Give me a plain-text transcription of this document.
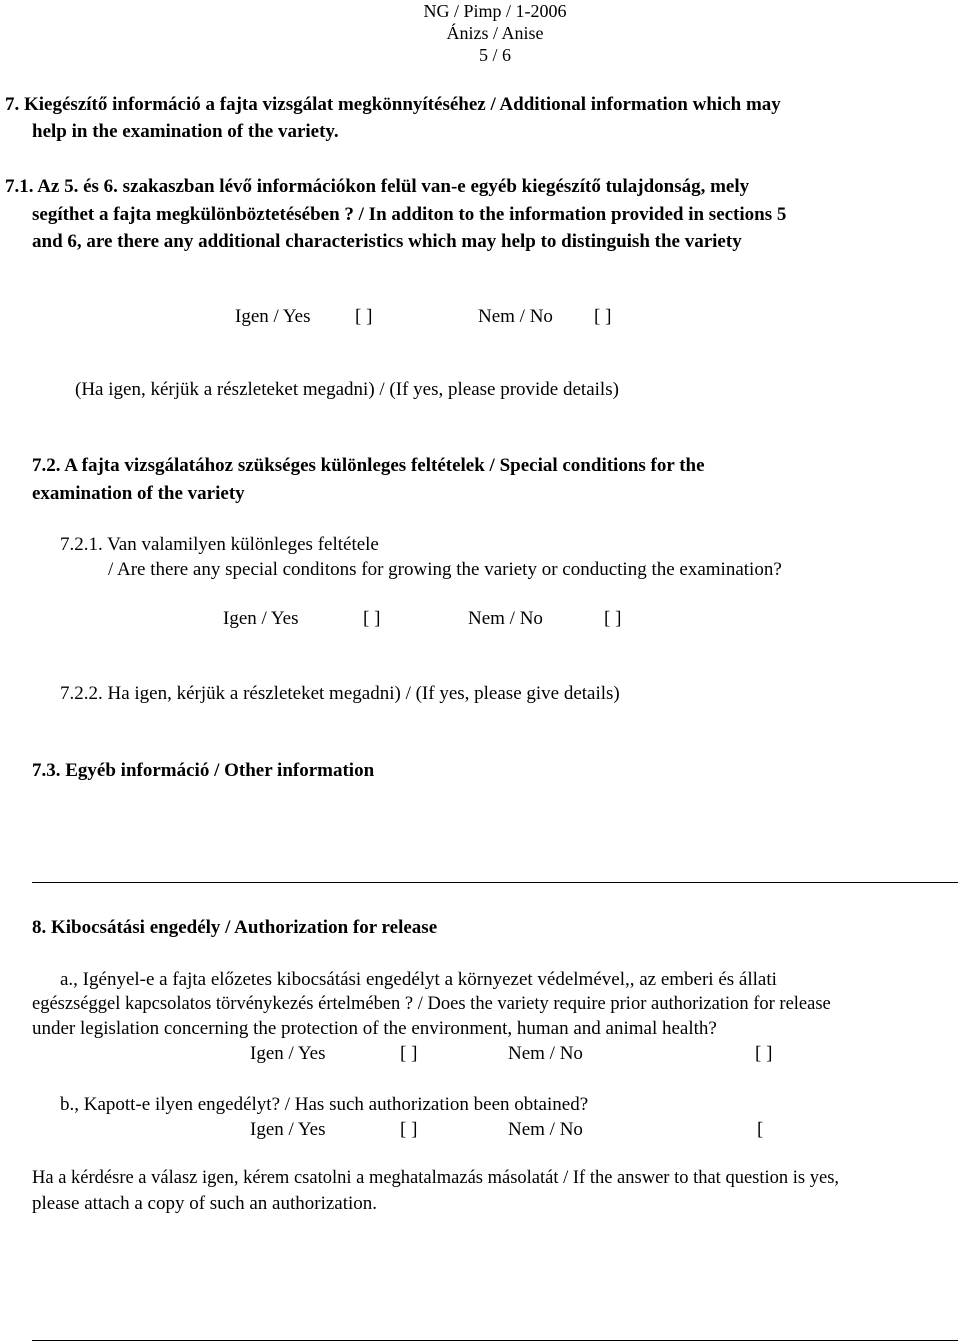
NG / Pimp / 1-2006
Ánizs / Anise
5 / 6
7. Kiegészítő információ a fajta vizsgálat megkönnyítéséhez / Additional information which may
help in the examination of the variety.
7.1. Az 5. és 6. szakaszban lévő információkon felül van-e egyéb kiegészítő tulajdonság, mely
segíthet a fajta megkülönböztetésében ? / In additon to the information provided in sections 5
and 6, are there any additional characteristics which may help to distinguish the variety
Igen / Yes [ ]	Nem / No [ ]
(Ha igen, kérjük a részleteket megadni) / (If yes, please provide details)
7.2. A fajta vizsgálatához szükséges különleges feltételek / Special conditions for the
examination of the variety
7.2.1. Van valamilyen különleges feltétele
/ Are there any special conditons for growing the variety or conducting the examination?
Igen / Yes	[ ]	Nem / No	[ ]
7.2.2. Ha igen, kérjük a részleteket megadni) / (If yes, please give details)
7.3. Egyéb információ / Other information
8. Kibocsátási engedély / Authorization for release
a., Igényel-e a fajta előzetes kibocsátási engedélyt a környezet védelmével,, az emberi és állati
egészséggel kapcsolatos törvénykezés értelmében ? / Does the variety require prior authorization for release
under legislation concerning the protection of the environment, human and animal health?
Igen / Yes	[ ]	Nem / No	[ ]
b., Kapott-e ilyen engedélyt? / Has such authorization been obtained?
Igen / Yes	[ ]	Nem / No	[
Ha a kérdésre a válasz igen, kérem csatolni a meghatalmazás másolatát / If the answer to that question is yes,
please attach a copy of such an authorization.
